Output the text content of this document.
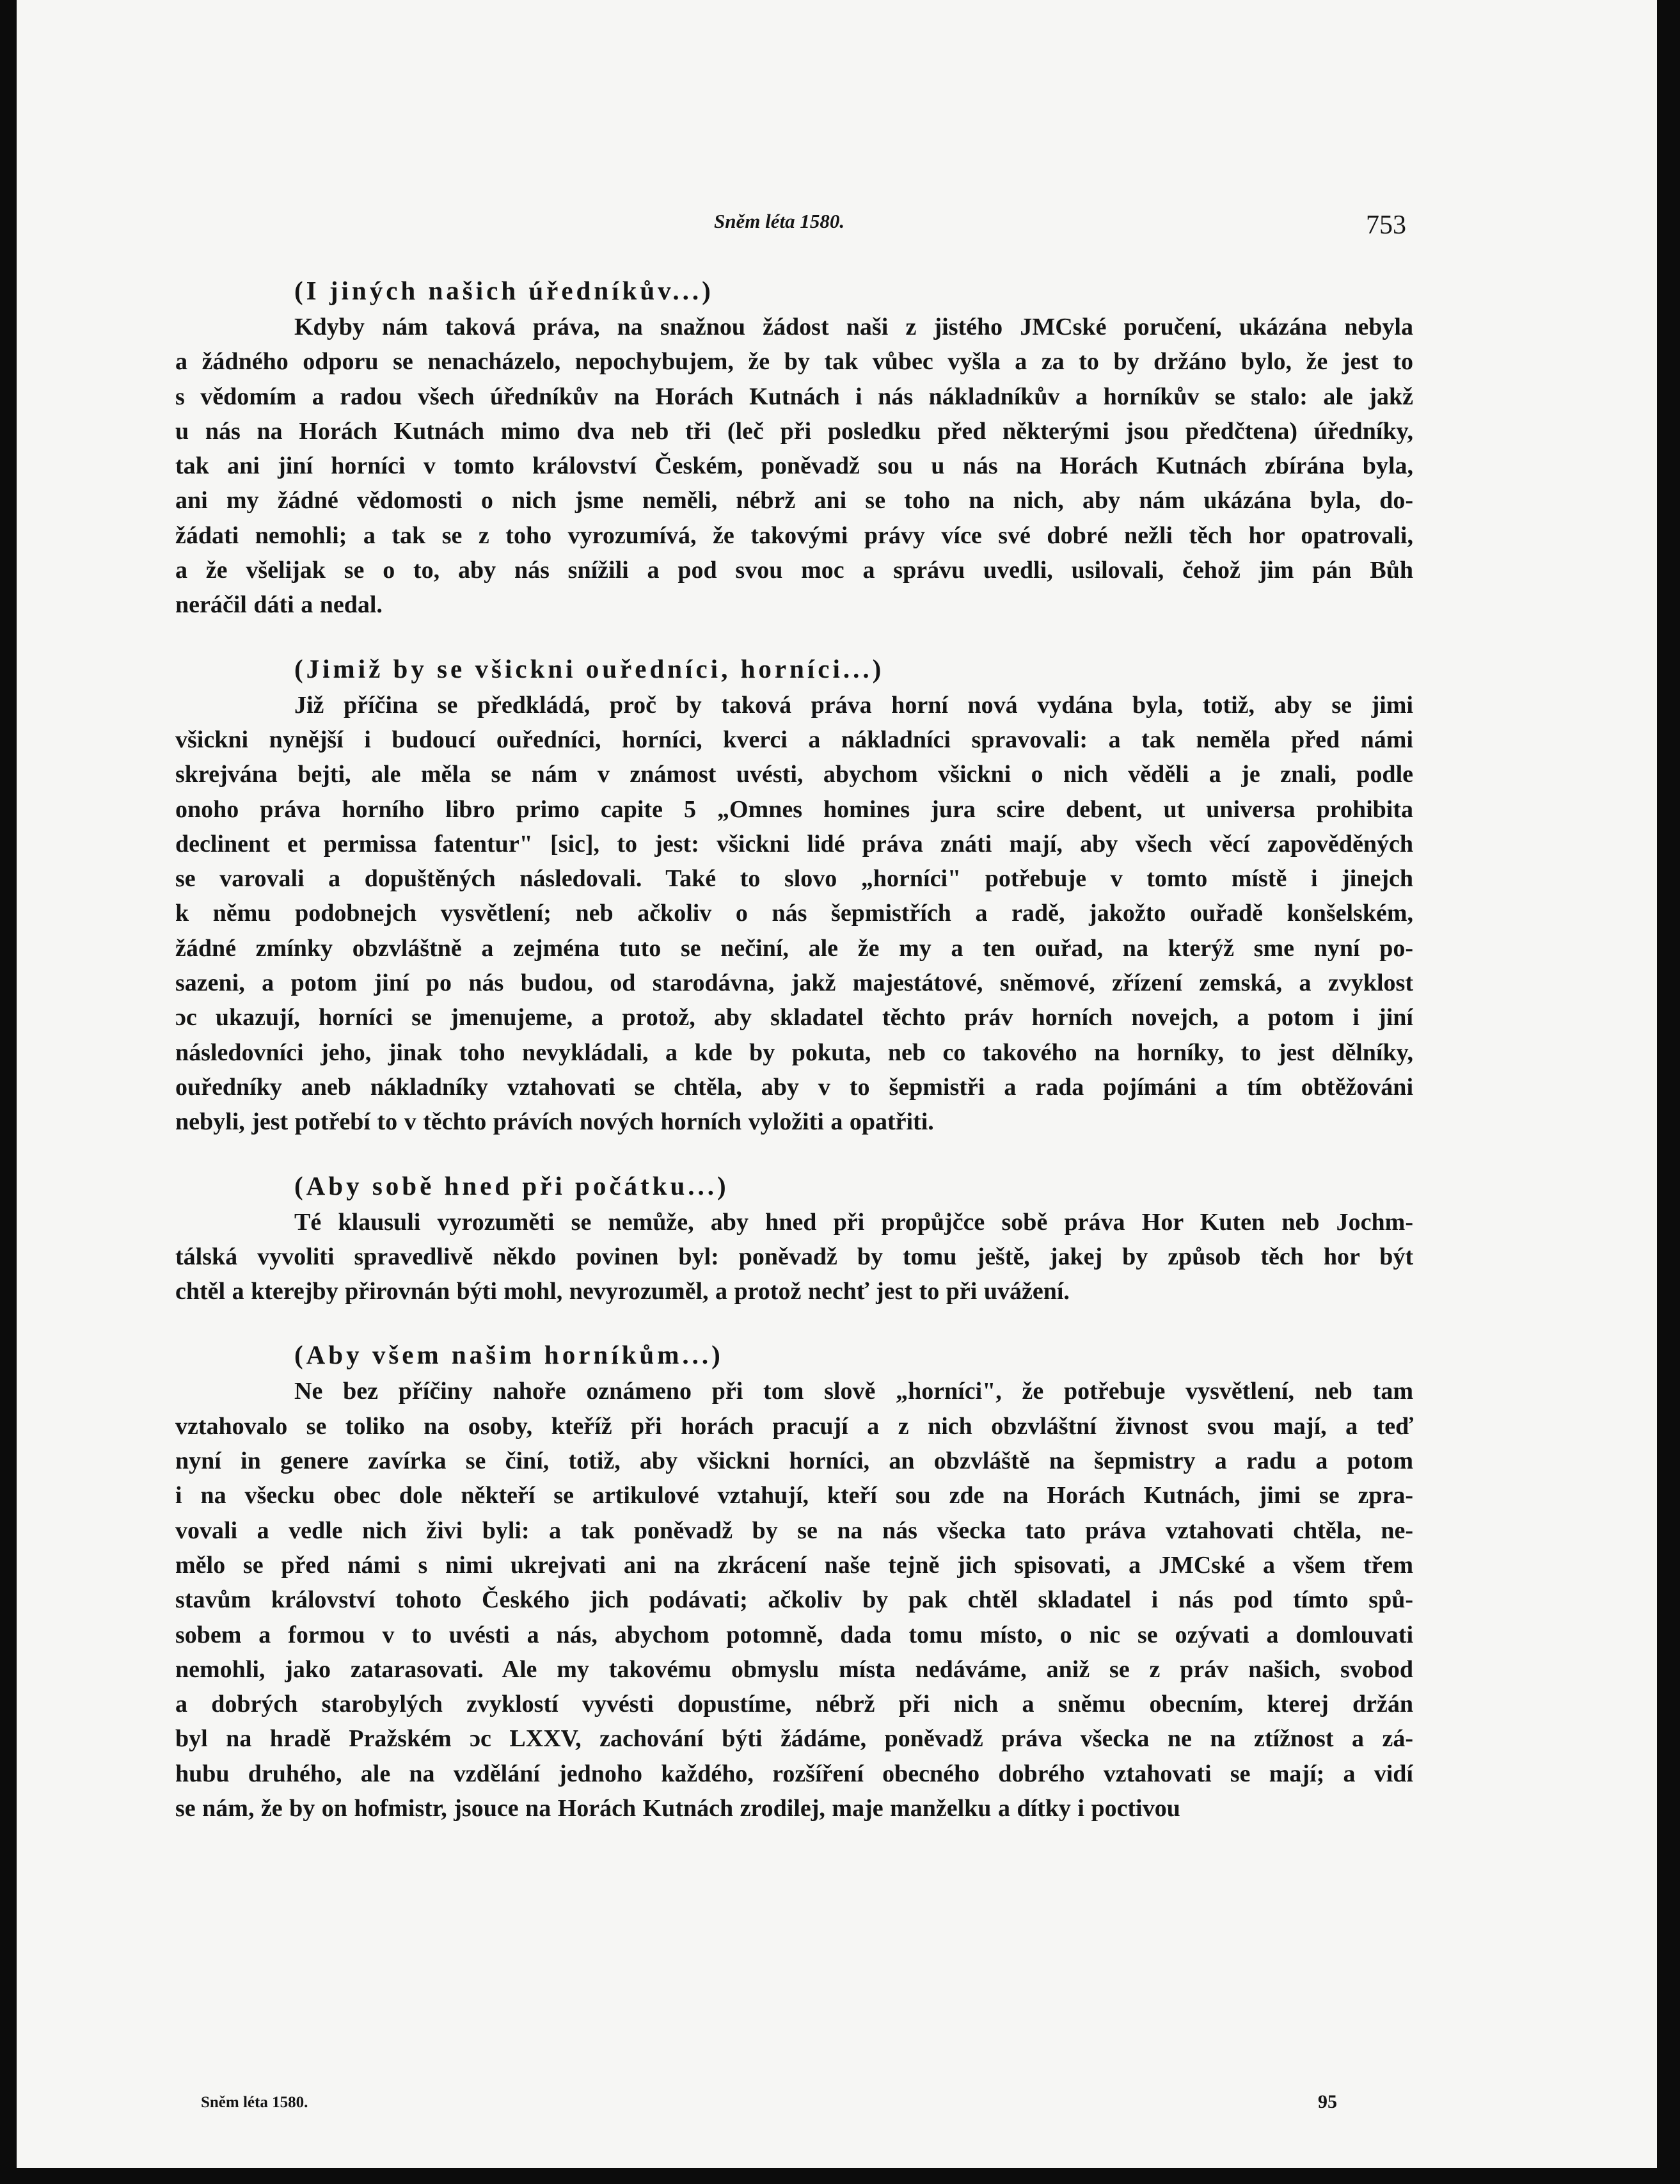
Sněm léta 1580.	753
(I jiných našich úředníkův...)
Kdyby nám taková práva, na snažnou žádost naši z jistého JMCské poručení, ukázána nebyla
a žádného odporu se nenacházelo, nepochybujem, že by tak vůbec vyšla a za to by držáno bylo, že jest to
s vědomím a radou všech úředníkův na Horách Kutnách i nás nákladníkův a horníkův se stalo: ale jakž
u nás na Horách Kutnách mimo dva neb tři (leč při posledku před některými jsou předčtena) úředníky,
tak ani jiní horníci v tomto království Českém, poněvadž sou u nás na Horách Kutnách zbírána byla,
ani my žádné vědomosti o nich jsme neměli, nébrž ani se toho na nich, aby nám ukázána byla, do-
žádati nemohli; a tak se z toho vyrozumívá, že takovými právy více své dobré nežli těch hor opatrovali,
a že všelijak se o to, aby nás snížili a pod svou moc a správu uvedli, usilovali, čehož jim pán Bůh
neráčil dáti a nedal.
(Jimiž by se všickni ouředníci, horníci...)
Již příčina se předkládá, proč by taková práva horní nová vydána byla, totiž, aby se jimi
všickni nynější i budoucí ouředníci, horníci, kverci a nákladníci spravovali: a tak neměla před námi
skrejvána bejti, ale měla se nám v známost uvésti, abychom všickni o nich věděli a je znali, podle
onoho práva horního libro primo capite 5 „Omnes homines jura scire debent, ut universa prohibita
declinent et permissa fatentur" [sic], to jest: všickni lidé práva znáti mají, aby všech věcí zapověděných
se varovali a dopuštěných následovali. Také to slovo „horníci" potřebuje v tomto místě i jinejch
k němu podobnejch vysvětlení; neb ačkoliv o nás šepmistřích a radě, jakožto ouřadě konšelském,
žádné zmínky obzvláštně a zejména tuto se nečiní, ale že my a ten ouřad, na kterýž sme nyní po-
sazeni, a potom jiní po nás budou, od starodávna, jakž majestátové, sněmové, zřízení zemská, a zvyklost
ɔc ukazují, horníci se jmenujeme, a protož, aby skladatel těchto práv horních novejch, a potom i jiní
následovníci jeho, jinak toho nevykládali, a kde by pokuta, neb co takového na horníky, to jest dělníky,
ouředníky aneb nákladníky vztahovati se chtěla, aby v to šepmistři a rada pojímáni a tím obtěžováni
nebyli, jest potřebí to v těchto právích nových horních vyložiti a opatřiti.
(Aby sobě hned při počátku...)
Té klausuli vyrozuměti se nemůže, aby hned při propůjčce sobě práva Hor Kuten neb Jochm-
tálská vyvoliti spravedlivě někdo povinen byl: poněvadž by tomu ještě, jakej by způsob těch hor být
chtěl a kterejby přirovnán býti mohl, nevyrozuměl, a protož nechť jest to při uvážení.
(Aby všem našim horníkům...)
Ne bez příčiny nahoře oznámeno při tom slově „horníci", že potřebuje vysvětlení, neb tam
vztahovalo se toliko na osoby, kteříž při horách pracují a z nich obzvláštní živnost svou mají, a teď
nyní in genere zavírka se činí, totiž, aby všickni horníci, an obzvláště na šepmistry a radu a potom
i na všecku obec dole někteří se artikulové vztahují, kteří sou zde na Horách Kutnách, jimi se zpra-
vovali a vedle nich živi byli: a tak poněvadž by se na nás všecka tato práva vztahovati chtěla, ne-
mělo se před námi s nimi ukrejvati ani na zkrácení naše tejně jich spisovati, a JMCské a všem třem
stavům království tohoto Českého jich podávati; ačkoliv by pak chtěl skladatel i nás pod tímto spů-
sobem a formou v to uvésti a nás, abychom potomně, dada tomu místo, o nic se ozývati a domlouvati
nemohli, jako zatarasovati. Ale my takovému obmyslu místa nedáváme, aniž se z práv našich, svobod
a dobrých starobylých zvyklostí vyvésti dopustíme, nébrž při nich a sněmu obecním, kterej držán
byl na hradě Pražském ɔc LXXV, zachování býti žádáme, poněvadž práva všecka ne na ztížnost a zá-
hubu druhého, ale na vzdělání jednoho každého, rozšíření obecného dobrého vztahovati se mají; a vidí
se nám, že by on hofmistr, jsouce na Horách Kutnách zrodilej, maje manželku a dítky i poctivou
Sněm léta 1580.	95
